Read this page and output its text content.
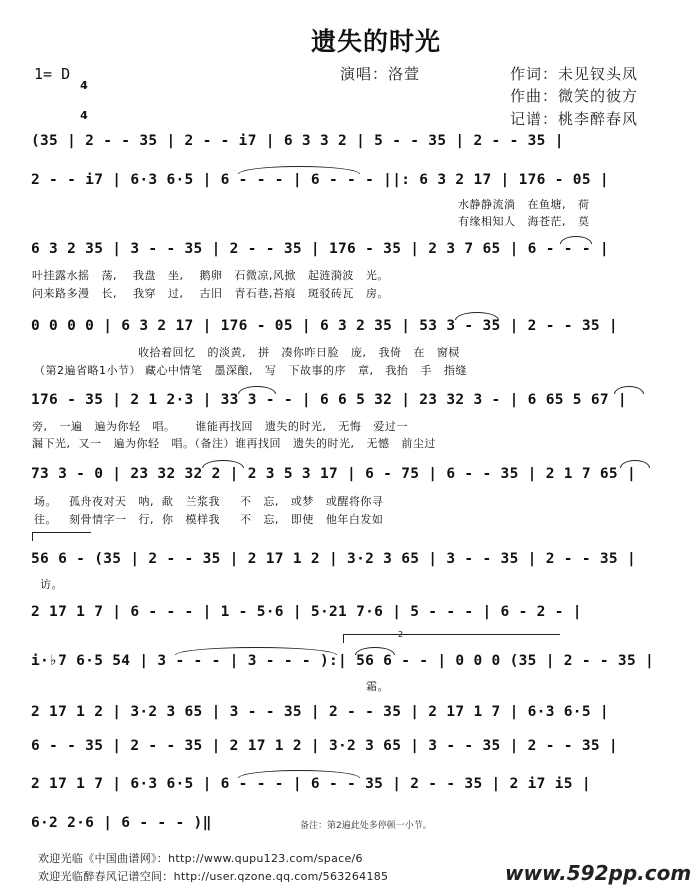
遗失的时光
1= D

4

4

演唱：洛萱	作词：未见钗头凤
作曲：微笑的彼方
记谱：桃李醉春风
(35 | 2 - - 35 | 2 - - i7 | 6 3 3 2 | 5 - - 35 | 2 - - 35 |
2 - - i7 | 6·3 6·5 | 6 - - - | 6 - - - ||: 6 3 2 17 | 176 - 05 |
水静静流淌   在鱼塘,   荷
有缘相知人   海苍茫,   莫
6 3 2 35 | 3 - - 35 | 2 - - 35 | 176 - 35 | 2 3 7 65 | 6 - - - |
叶挂露水摇   荡,    我盘   坐,    鹅卵   石微凉,风掀   起涟漪波   光。
问来路多漫   长,    我穿   过,    古旧   青石巷,苔痕   斑驳砖瓦   房。
0 0 0 0 | 6 3 2 17 | 176 - 05 | 6 3 2 35 | 53 3 - 35 | 2 - - 35 |
收拾着回忆   的淡黄,   拼   凑你昨日脸   庞,   我倚   在   窗棂
（第2遍省略1小节） 藏心中情笔   墨深酿,   写   下故事的序   章,   我抬   手   指缝
176 - 35 | 2 1 2·3 | 33 3 - - | 6 6 5 32 | 23 32 3 - | 6 65 5 67 |
旁,   一遍   遍为你轻   唱。     谁能再找回   遗失的时光,   无悔   爱过一
漏下光,  又一   遍为你轻   唱。（备注）谁再找回   遗失的时光,   无憾   前尘过
73 3 - 0 | 23 32 32 2 | 2 3 5 3 17 | 6 - 75 | 6 - - 35 | 2 1 7 65 |
场。   孤舟夜对天   呐,  歃   兰浆我     不   忘,   或梦   或醒将你寻
往。   刻骨情字一   行,  你   模样我     不   忘,   即使   他年白发如
56 6 - (35 | 2 - - 35 | 2 17 1 2 | 3·2 3 65 | 3 - - 35 | 2 - - 35 |
访。
2 17 1 7 | 6 - - - | 1 - 5·6 | 5·21 7·6 | 5 - - - | 6 - 2 - |
2
i·♭7 6·5 54 | 3 - - - | 3 - - - ):| 56 6 - - | 0 0 0 (35 | 2 - - 35 |
霜。
2 17 1 2 | 3·2 3 65 | 3 - - 35 | 2 - - 35 | 2 17 1 7 | 6·3 6·5 |
6 - - 35 | 2 - - 35 | 2 17 1 2 | 3·2 3 65 | 3 - - 35 | 2 - - 35 |
2 17 1 7 | 6·3 6·5 | 6 - - - | 6 - - 35 | 2 - - 35 | 2 i7 i5 |
6·2 2·6 | 6 - - - )‖	备注：第2遍此处多停顿一小节。
欢迎光临《中国曲谱网》：http://www.qupu123.com/space/6
欢迎光临醉春风记谱空间：http://user.qzone.qq.com/563264185	www.592pp.com
